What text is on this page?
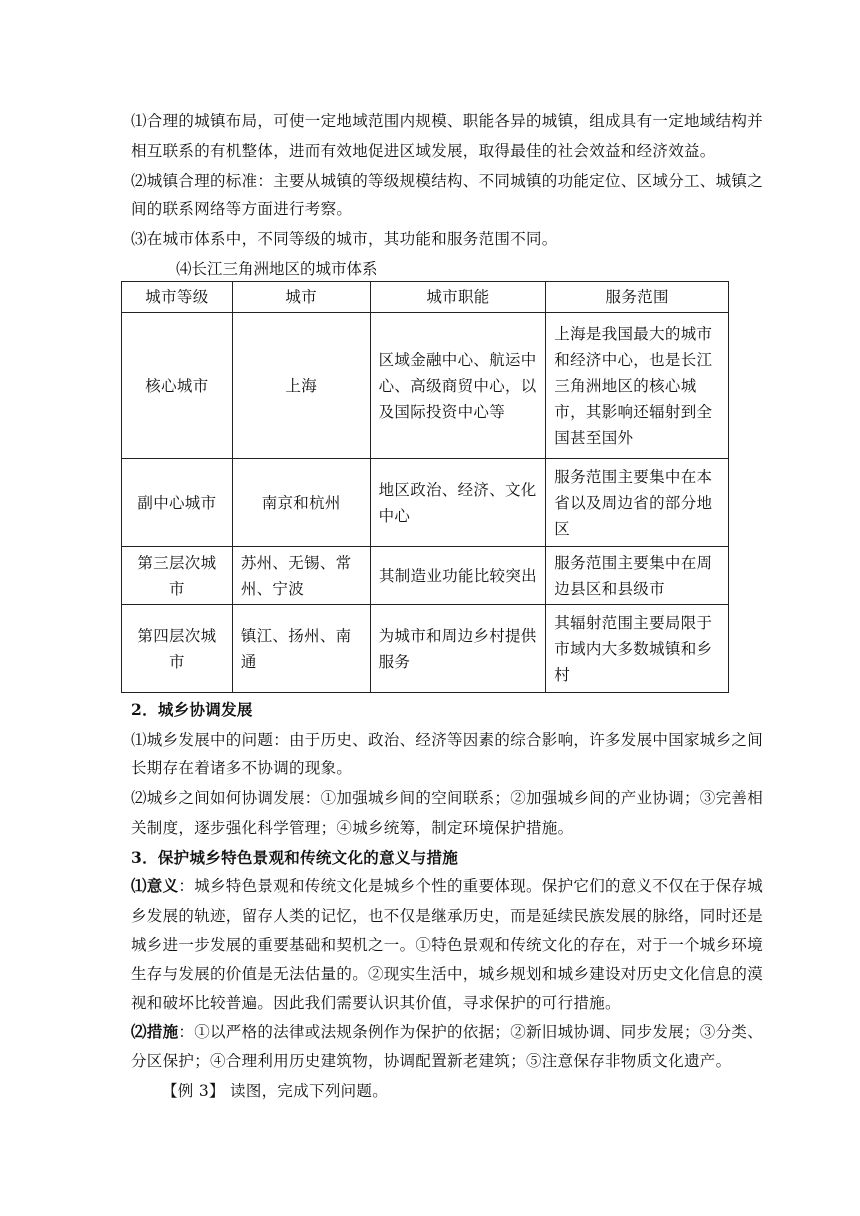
⑴合理的城镇布局，可使一定地域范围内规模、职能各异的城镇，组成具有一定地域结构并
相互联系的有机整体，进而有效地促进区域发展，取得最佳的社会效益和经济效益。
⑵城镇合理的标准：主要从城镇的等级规模结构、不同城镇的功能定位、区域分工、城镇之
间的联系网络等方面进行考察。
⑶在城市体系中，不同等级的城市，其功能和服务范围不同。
⑷长江三角洲地区的城市体系
城市等级	城市	城市职能	服务范围
核心城市	上海	区域金融中心、航运中心、高级商贸中心，以及国际投资中心等	上海是我国最大的城市和经济中心，也是长江三角洲地区的核心城市，其影响还辐射到全国甚至国外
副中心城市	南京和杭州	地区政治、经济、文化中心	服务范围主要集中在本省以及周边省的部分地区
第三层次城市	苏州、无锡、常州、宁波	其制造业功能比较突出	服务范围主要集中在周边县区和县级市
第四层次城市	镇江、扬州、南通	为城市和周边乡村提供服务	其辐射范围主要局限于市域内大多数城镇和乡村
2．城乡协调发展
⑴城乡发展中的问题：由于历史、政治、经济等因素的综合影响，许多发展中国家城乡之间
长期存在着诸多不协调的现象。
⑵城乡之间如何协调发展：①加强城乡间的空间联系；②加强城乡间的产业协调；③完善相
关制度，逐步强化科学管理；④城乡统筹，制定环境保护措施。
3．保护城乡特色景观和传统文化的意义与措施
⑴意义：城乡特色景观和传统文化是城乡个性的重要体现。保护它们的意义不仅在于保存城
乡发展的轨迹，留存人类的记忆，也不仅是继承历史，而是延续民族发展的脉络，同时还是
城乡进一步发展的重要基础和契机之一。①特色景观和传统文化的存在，对于一个城乡环境
生存与发展的价值是无法估量的。②现实生活中，城乡规划和城乡建设对历史文化信息的漠
视和破坏比较普遍。因此我们需要认识其价值，寻求保护的可行措施。
⑵措施：①以严格的法律或法规条例作为保护的依据；②新旧城协调、同步发展；③分类、
分区保护；④合理利用历史建筑物，协调配置新老建筑；⑤注意保存非物质文化遗产。
【例 3】 读图，完成下列问题。
